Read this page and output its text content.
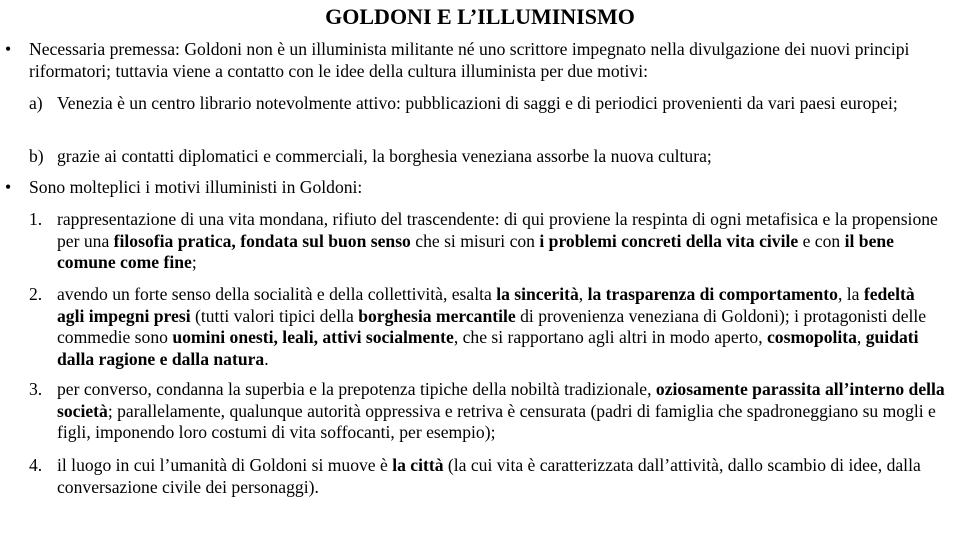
GOLDONI E L’ILLUMINISMO
•	Necessaria premessa: Goldoni non è un illuminista militante né uno scrittore impegnato nella divulgazione dei nuovi principi riformatori; tuttavia viene a contatto con le idee della cultura illuminista per due motivi:
a) Venezia è un centro librario notevolmente attivo: pubblicazioni di saggi e di periodici provenienti da vari paesi europei;
b) grazie ai contatti diplomatici e commerciali, la borghesia veneziana assorbe la nuova cultura;
•	Sono molteplici i motivi illuministi in Goldoni:
1. rappresentazione di una vita mondana, rifiuto del trascendente: di qui proviene la respinta di ogni metafisica e la propensione per una filosofia pratica, fondata sul buon senso che si misuri con i problemi concreti della vita civile e con il bene comune come fine;
2. avendo un forte senso della socialità e della collettività, esalta la sincerità, la trasparenza di comportamento, la fedeltà agli impegni presi (tutti valori tipici della borghesia mercantile di provenienza veneziana di Goldoni); i protagonisti delle commedie sono uomini onesti, leali, attivi socialmente, che si rapportano agli altri in modo aperto, cosmopolita, guidati dalla ragione e dalla natura.
3. per converso, condanna la superbia e la prepotenza tipiche della nobiltà tradizionale, oziosamente parassita all’interno della società; parallelamente, qualunque autorità oppressiva e retriva è censurata (padri di famiglia che spadroneggiano su mogli e figli, imponendo loro costumi di vita soffocanti, per esempio);
4. il luogo in cui l’umanità di Goldoni si muove è la città (la cui vita è caratterizzata dall’attività, dallo scambio di idee, dalla conversazione civile dei personaggi).
